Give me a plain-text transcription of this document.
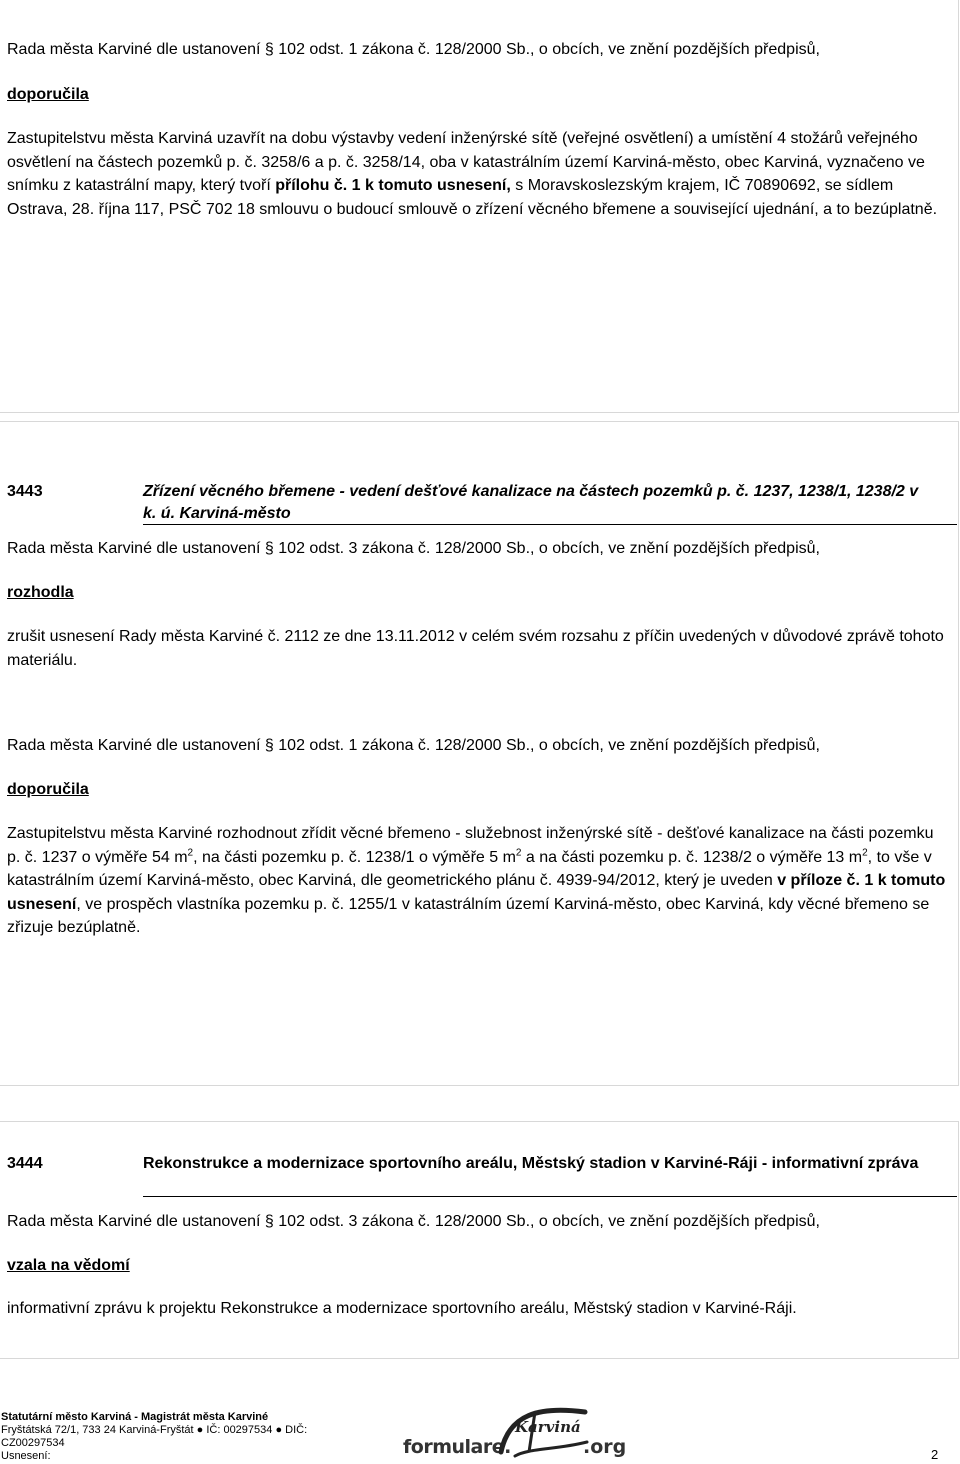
Rada města Karviné dle ustanovení § 102 odst. 1 zákona č. 128/2000 Sb., o obcích, ve znění pozdějších předpisů,
doporučila
Zastupitelstvu města Karviná uzavřít na dobu výstavby vedení inženýrské sítě (veřejné osvětlení) a umístění 4 stožárů veřejného osvětlení na částech pozemků p. č. 3258/6 a p. č. 3258/14, oba v katastrálním území Karviná-město, obec Karviná, vyznačeno ve snímku z katastrální mapy, který tvoří přílohu č. 1 k tomuto usnesení, s Moravskoslezským krajem, IČ 70890692, se sídlem Ostrava, 28. října 117, PSČ 702 18 smlouvu o budoucí smlouvě o zřízení věcného břemene a související ujednání, a to bezúplatně.
3443	Zřízení věcného břemene - vedení dešťové kanalizace na částech pozemků p. č. 1237, 1238/1, 1238/2 v k. ú. Karviná-město
Rada města Karviné dle ustanovení § 102 odst. 3 zákona č. 128/2000 Sb., o obcích, ve znění pozdějších předpisů,
rozhodla
zrušit usnesení Rady města Karviné č. 2112 ze dne 13.11.2012 v celém svém rozsahu z příčin uvedených v důvodové zprávě tohoto materiálu.
Rada města Karviné dle ustanovení § 102 odst. 1 zákona č. 128/2000 Sb., o obcích, ve znění pozdějších předpisů,
doporučila
Zastupitelstvu města Karviné rozhodnout zřídit věcné břemeno - služebnost inženýrské sítě - dešťové kanalizace na části pozemku p. č. 1237 o výměře 54 $m^2$, na části pozemku p. č. 1238/1 o výměře 5 $m^2$ a na části pozemku p. č. 1238/2 o výměře 13 $m^2$, to vše v katastrálním území Karviná-město, obec Karviná, dle geometrického plánu č. 4939-94/2012, který je uveden v příloze č. 1 k tomuto usnesení, ve prospěch vlastníka pozemku p. č. 1255/1 v katastrálním území Karviná-město, obec Karviná, kdy věcné břemeno se zřizuje bezúplatně.
3444	Rekonstrukce a modernizace sportovního areálu, Městský stadion v Karviné-Ráji - informativní zpráva
Rada města Karviné dle ustanovení § 102 odst. 3 zákona č. 128/2000 Sb., o obcích, ve znění pozdějších předpisů,
vzala na vědomí
informativní zprávu k projektu Rekonstrukce a modernizace sportovního areálu, Městský stadion v Karviné-Ráji.
Statutární město Karviná - Magistrát města Karviné
Fryštátská 72/1, 733 24 Karviná-Fryštát ● IČ: 00297534 ● DIČ:
CZ00297534
Usnesení:	formulare.
Karviná
.org	2
